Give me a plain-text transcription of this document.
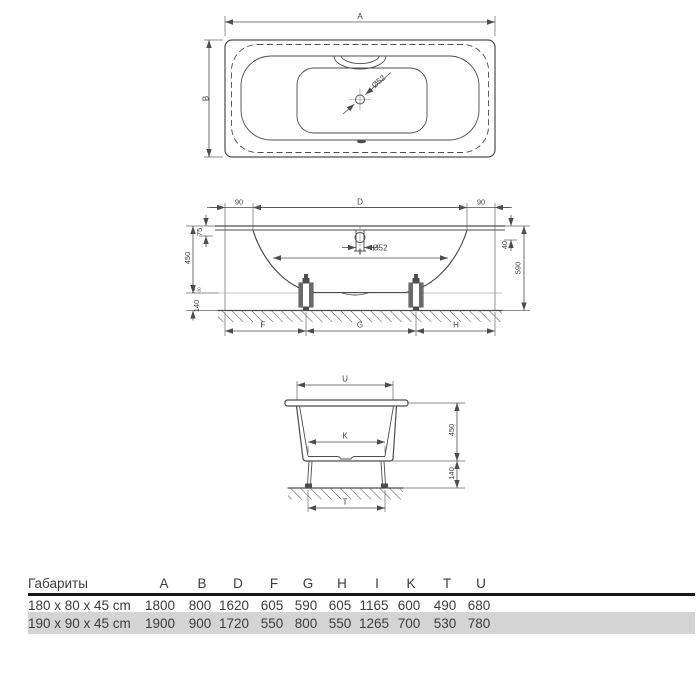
A
B
Ø52
90	D	90
Ø52
I
F	G	H
75
450
140
+10 -30
40
590
U
K
T
450
140
Габариты	A B D F G H I K T U
180 x 80 x 45 cm 1800 800 1620 605 590 605 1165 600 490 680
190 x 90 x 45 cm 1900 900 1720 550 800 550 1265 700 530 780
